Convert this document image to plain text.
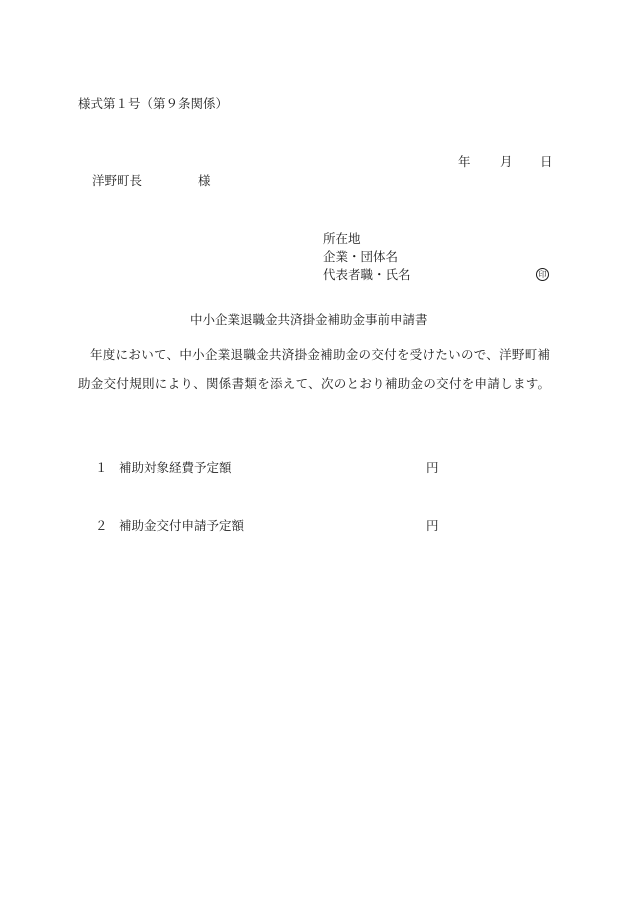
様式第１号（第９条関係）
年 月 日
洋野町長	様
所在地
企業・団体名
代表者職・氏名	印
中小企業退職金共済掛金補助金事前申請書
年度において、中小企業退職金共済掛金補助金の交付を受けたいので、洋野町補助金交付規則により、関係書類を添えて、次のとおり補助金の交付を申請します。
１ 補助対象経費予定額	円
２ 補助金交付申請予定額	円
